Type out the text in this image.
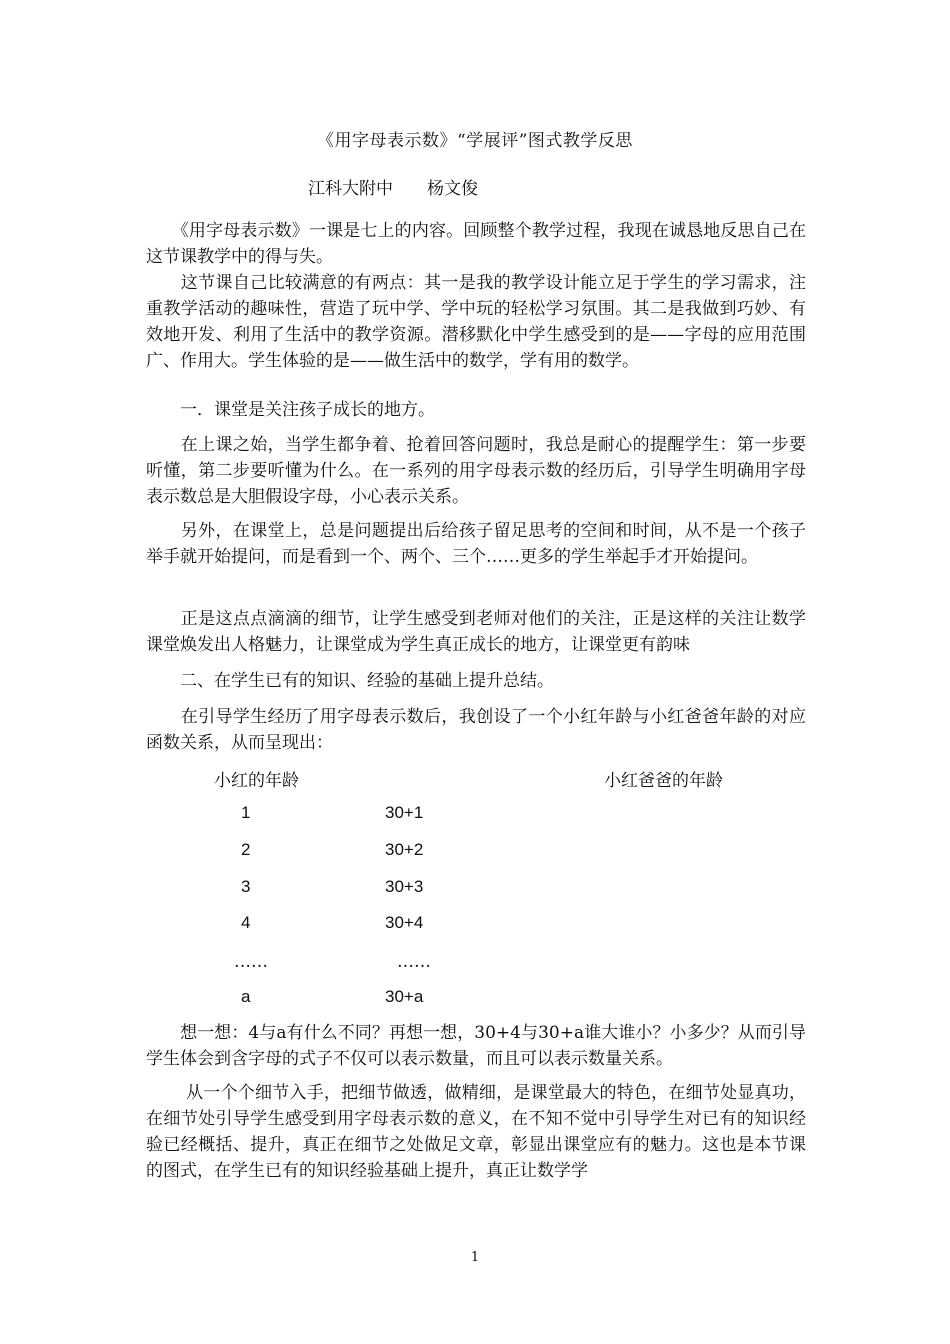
《用字母表示数》“学展评”图式教学反思
江科大附中　　杨文俊
　　《用字母表示数》一课是七上的内容。回顾整个教学过程，我现在诚恳地反思自己在这节课教学中的得与失。
　　这节课自己比较满意的有两点：其一是我的教学设计能立足于学生的学习需求，注重教学活动的趣味性，营造了玩中学、学中玩的轻松学习氛围。其二是我做到巧妙、有效地开发、利用了生活中的教学资源。潜移默化中学生感受到的是——字母的应用范围广、作用大。学生体验的是——做生活中的数学，学有用的数学。
　　一．课堂是关注孩子成长的地方。
　　在上课之始，当学生都争着、抢着回答问题时，我总是耐心的提醒学生：第一步要听懂，第二步要听懂为什么。在一系列的用字母表示数的经历后，引导学生明确用字母表示数总是大胆假设字母，小心表示关系。
　　另外，在课堂上，总是问题提出后给孩子留足思考的空间和时间，从不是一个孩子举手就开始提问，而是看到一个、两个、三个……更多的学生举起手才开始提问。
　　正是这点点滴滴的细节，让学生感受到老师对他们的关注，正是这样的关注让数学课堂焕发出人格魅力，让课堂成为学生真正成长的地方，让课堂更有韵味
　　二、在学生已有的知识、经验的基础上提升总结。
　　在引导学生经历了用字母表示数后，我创设了一个小红年龄与小红爸爸年龄的对应函数关系，从而呈现出：
小红的年龄	小红爸爸的年龄
1	30+1
2	30+2
3	30+3
4	30+4
……	……
a	30+a
　　想一想：4与a有什么不同？再想一想，30+4与30+a谁大谁小？小多少？从而引导学生体会到含字母的式子不仅可以表示数量，而且可以表示数量关系。
　　 从一个个细节入手，把细节做透，做精细，是课堂最大的特色，在细节处显真功，在细节处引导学生感受到用字母表示数的意义，在不知不觉中引导学生对已有的知识经验已经概括、提升，真正在细节之处做足文章，彰显出课堂应有的魅力。这也是本节课的图式，在学生已有的知识经验基础上提升，真正让数学学
1
